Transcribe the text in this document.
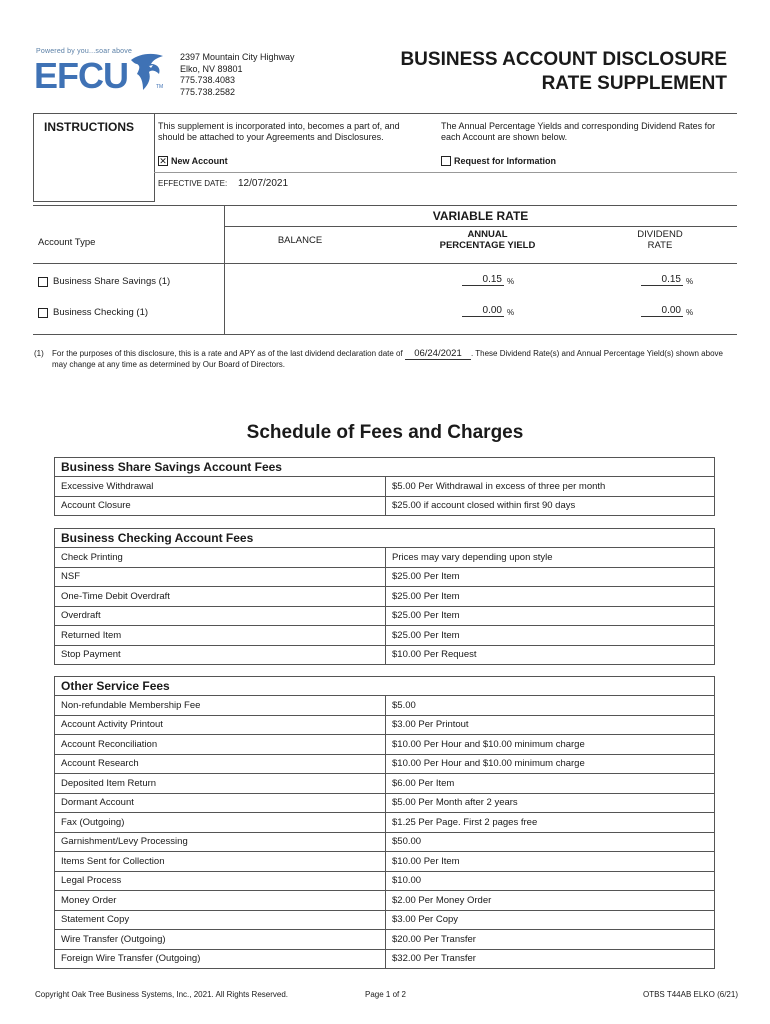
Powered by you...soar above
EFCU	TM
2397 Mountain City Highway
Elko, NV 89801
775.738.4083
775.738.2582
BUSINESS ACCOUNT DISCLOSURE
RATE SUPPLEMENT
INSTRUCTIONS	This supplement is incorporated into, becomes a part of, and should be attached to your Agreements and Disclosures.
The Annual Percentage Yields and corresponding Dividend Rates for each Account are shown below.
✕ New Account	Request for Information
EFFECTIVE DATE: 12/07/2021
VARIABLE RATE
Account Type	BALANCE
ANNUAL
PERCENTAGE YIELD
DIVIDEND
RATE
Business Share Savings (1)	0.15 %	0.15 %
Business Checking (1)	0.00 %	0.00 %
(1) For the purposes of this disclosure, this is a rate and APY as of the last dividend declaration date of 06/24/2021 . These Dividend Rate(s) and Annual Percentage Yield(s) shown above
may change at any time as determined by Our Board of Directors.
Schedule of Fees and Charges
Business Share Savings Account Fees	
Excessive Withdrawal	$5.00 Per Withdrawal in excess of three per month
Account Closure	$25.00 if account closed within first 90 days
Business Checking Account Fees	
Check Printing	Prices may vary depending upon style
NSF	$25.00 Per Item
One-Time Debit Overdraft	$25.00 Per Item
Overdraft	$25.00 Per Item
Returned Item	$25.00 Per Item
Stop Payment	$10.00 Per Request
Other Service Fees	
Non-refundable Membership Fee	$5.00
Account Activity Printout	$3.00 Per Printout
Account Reconciliation	$10.00 Per Hour and $10.00 minimum charge
Account Research	$10.00 Per Hour and $10.00 minimum charge
Deposited Item Return	$6.00 Per Item
Dormant Account	$5.00 Per Month after 2 years
Fax (Outgoing)	$1.25 Per Page. First 2 pages free
Garnishment/Levy Processing	$50.00
Items Sent for Collection	$10.00 Per Item
Legal Process	$10.00
Money Order	$2.00 Per Money Order
Statement Copy	$3.00 Per Copy
Wire Transfer (Outgoing)	$20.00 Per Transfer
Foreign Wire Transfer (Outgoing)	$32.00 Per Transfer
Copyright Oak Tree Business Systems, Inc., 2021. All Rights Reserved.	Page 1 of 2	OTBS T44AB ELKO (6/21)
